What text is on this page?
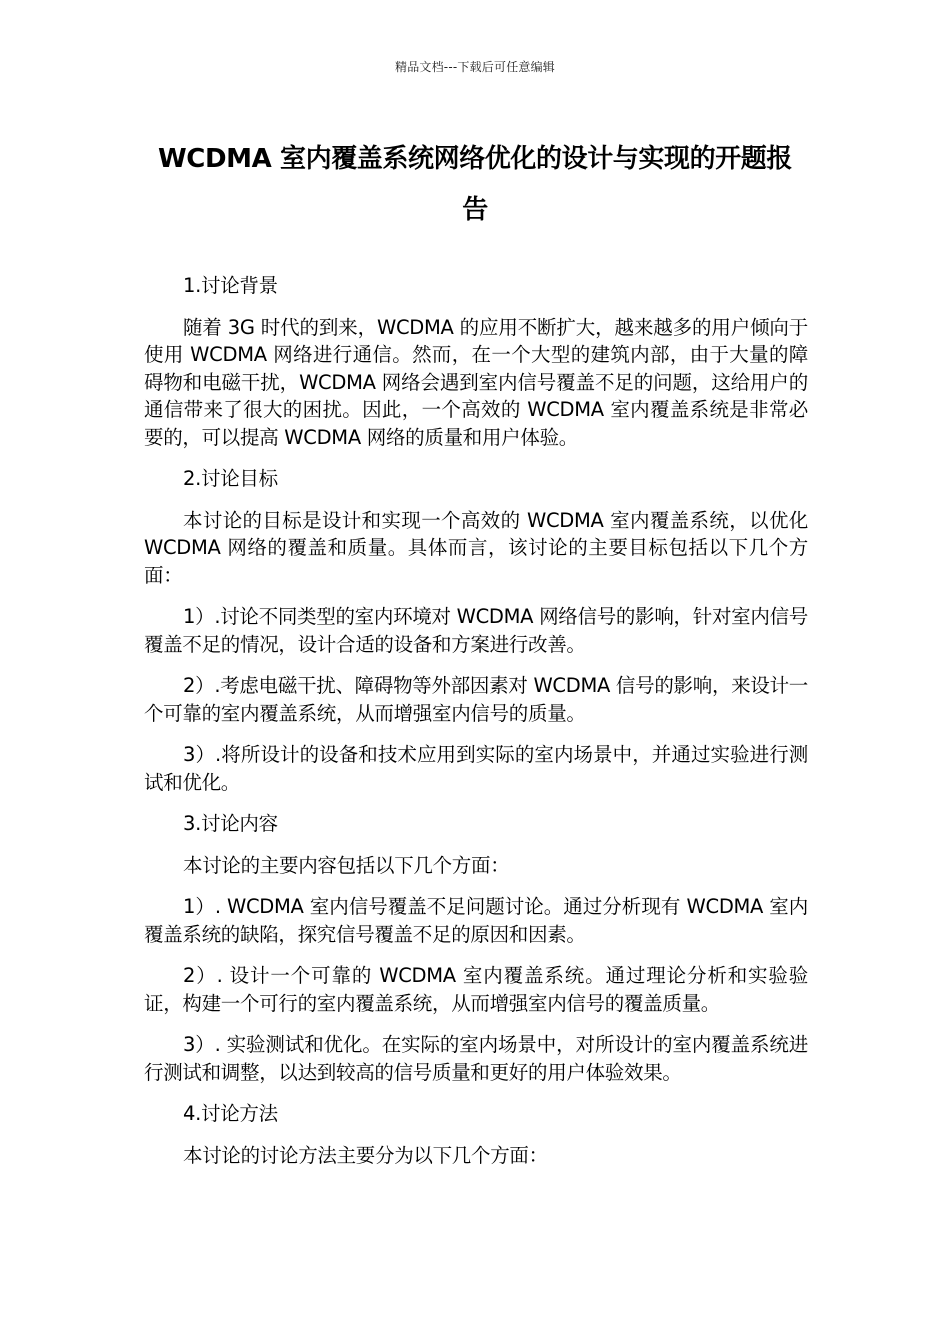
精品文档---下载后可任意编辑
WCDMA 室内覆盖系统网络优化的设计与实现的开题报告
1.讨论背景
随着 3G 时代的到来，WCDMA 的应用不断扩大，越来越多的用户倾向于使用 WCDMA 网络进行通信。然而，在一个大型的建筑内部，由于大量的障碍物和电磁干扰，WCDMA 网络会遇到室内信号覆盖不足的问题，这给用户的通信带来了很大的困扰。因此，一个高效的 WCDMA 室内覆盖系统是非常必要的，可以提高 WCDMA 网络的质量和用户体验。
2.讨论目标
本讨论的目标是设计和实现一个高效的 WCDMA 室内覆盖系统，以优化 WCDMA 网络的覆盖和质量。具体而言，该讨论的主要目标包括以下几个方面：
1）.讨论不同类型的室内环境对 WCDMA 网络信号的影响，针对室内信号覆盖不足的情况，设计合适的设备和方案进行改善。
2）.考虑电磁干扰、障碍物等外部因素对 WCDMA 信号的影响，来设计一个可靠的室内覆盖系统，从而增强室内信号的质量。
3）.将所设计的设备和技术应用到实际的室内场景中，并通过实验进行测试和优化。
3.讨论内容
本讨论的主要内容包括以下几个方面：
1）. WCDMA 室内信号覆盖不足问题讨论。通过分析现有 WCDMA 室内覆盖系统的缺陷，探究信号覆盖不足的原因和因素。
2）. 设计一个可靠的 WCDMA 室内覆盖系统。通过理论分析和实验验证，构建一个可行的室内覆盖系统，从而增强室内信号的覆盖质量。
3）. 实验测试和优化。在实际的室内场景中，对所设计的室内覆盖系统进行测试和调整，以达到较高的信号质量和更好的用户体验效果。
4.讨论方法
本讨论的讨论方法主要分为以下几个方面：
